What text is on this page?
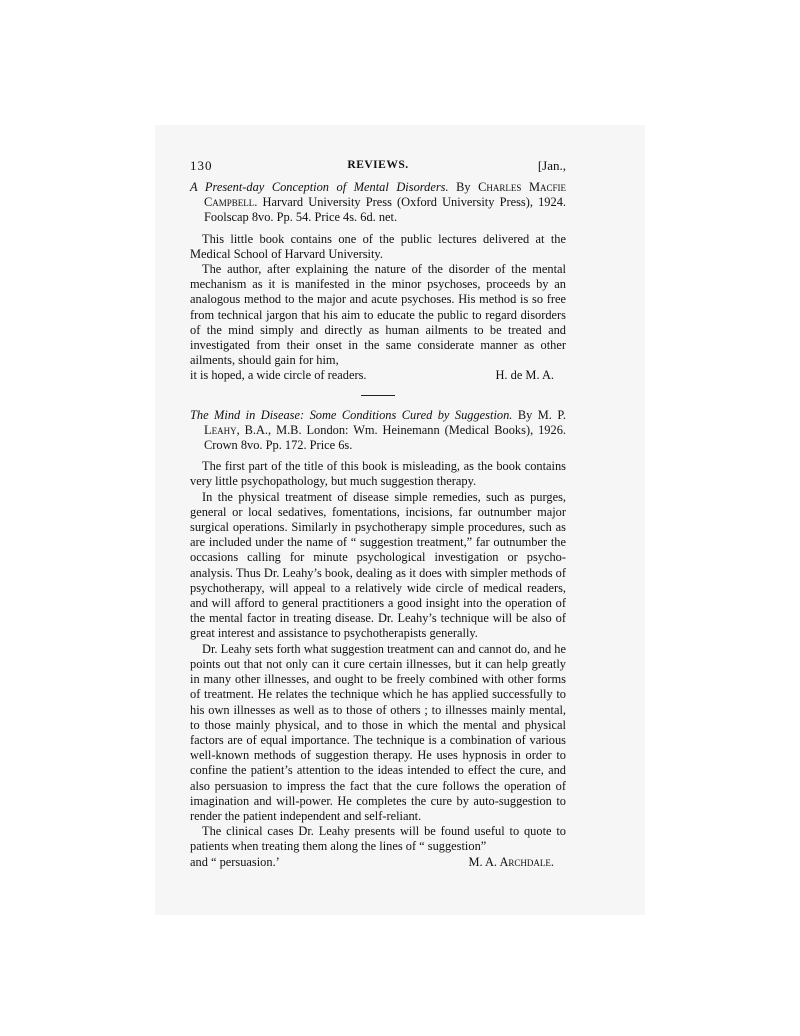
130	REVIEWS.	[Jan.,
A Present-day Conception of Mental Disorders. By Charles Macfie Campbell. Harvard University Press (Oxford University Press), 1924. Foolscap 8vo. Pp. 54. Price 4s. 6d. net.

This little book contains one of the public lectures delivered at the Medical School of Harvard University.

The author, after explaining the nature of the disorder of the mental mechanism as it is manifested in the minor psychoses, proceeds by an analogous method to the major and acute psychoses. His method is so free from technical jargon that his aim to educate the public to regard disorders of the mind simply and directly as human ailments to be treated and investigated from their onset in the same considerate manner as other ailments, should gain for him,

it is hoped, a wide circle of readers.	H. de M. A.

The Mind in Disease: Some Conditions Cured by Suggestion. By M. P. Leahy, B.A., M.B. London: Wm. Heinemann (Medical Books), 1926. Crown 8vo. Pp. 172. Price 6s.

The first part of the title of this book is misleading, as the book contains very little psychopathology, but much suggestion therapy.

In the physical treatment of disease simple remedies, such as purges, general or local sedatives, fomentations, incisions, far outnumber major surgical operations. Similarly in psychotherapy simple procedures, such as are included under the name of “ suggestion treatment,” far outnumber the occasions calling for minute psychological investigation or psycho-analysis. Thus Dr. Leahy’s book, dealing as it does with simpler methods of psychotherapy, will appeal to a relatively wide circle of medical readers, and will afford to general practitioners a good insight into the operation of the mental factor in treating disease. Dr. Leahy’s technique will be also of great interest and assistance to psychotherapists generally.

Dr. Leahy sets forth what suggestion treatment can and cannot do, and he points out that not only can it cure certain illnesses, but it can help greatly in many other illnesses, and ought to be freely combined with other forms of treatment. He relates the technique which he has applied successfully to his own illnesses as well as to those of others ; to illnesses mainly mental, to those mainly physical, and to those in which the mental and physical factors are of equal importance. The technique is a combination of various well-known methods of suggestion therapy. He uses hypnosis in order to confine the patient’s attention to the ideas intended to effect the cure, and also persuasion to impress the fact that the cure follows the operation of imagination and will-power. He completes the cure by auto-suggestion to render the patient independent and self-reliant.

The clinical cases Dr. Leahy presents will be found useful to quote to patients when treating them along the lines of “ suggestion”

and “ persuasion.’	M. A. Archdale.
